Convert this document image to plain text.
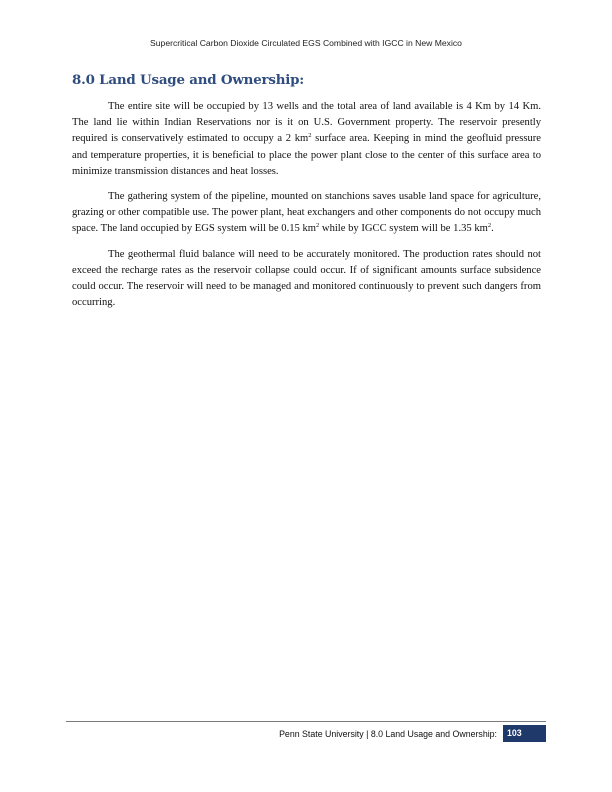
Supercritical Carbon Dioxide Circulated EGS Combined with IGCC in New Mexico
8.0 Land Usage and Ownership:

The entire site will be occupied by 13 wells and the total area of land available is 4 Km by 14 Km. The land lie within Indian Reservations nor is it on U.S. Government property. The reservoir presently required is conservatively estimated to occupy a 2 $km^2$ surface area. Keeping in mind the geofluid pressure and temperature properties, it is beneficial to place the power plant close to the center of this surface area to minimize transmission distances and heat losses.

The gathering system of the pipeline, mounted on stanchions saves usable land space for agriculture, grazing or other compatible use. The power plant, heat exchangers and other components do not occupy much space. The land occupied by EGS system will be 0.15 $km^2$ while by IGCC system will be 1.35 $km^2$.

The geothermal fluid balance will need to be accurately monitored. The production rates should not exceed the recharge rates as the reservoir collapse could occur. If of significant amounts surface subsidence could occur. The reservoir will need to be managed and monitored continuously to prevent such dangers from occurring.

Penn State University | 8.0 Land Usage and Ownership:	103
